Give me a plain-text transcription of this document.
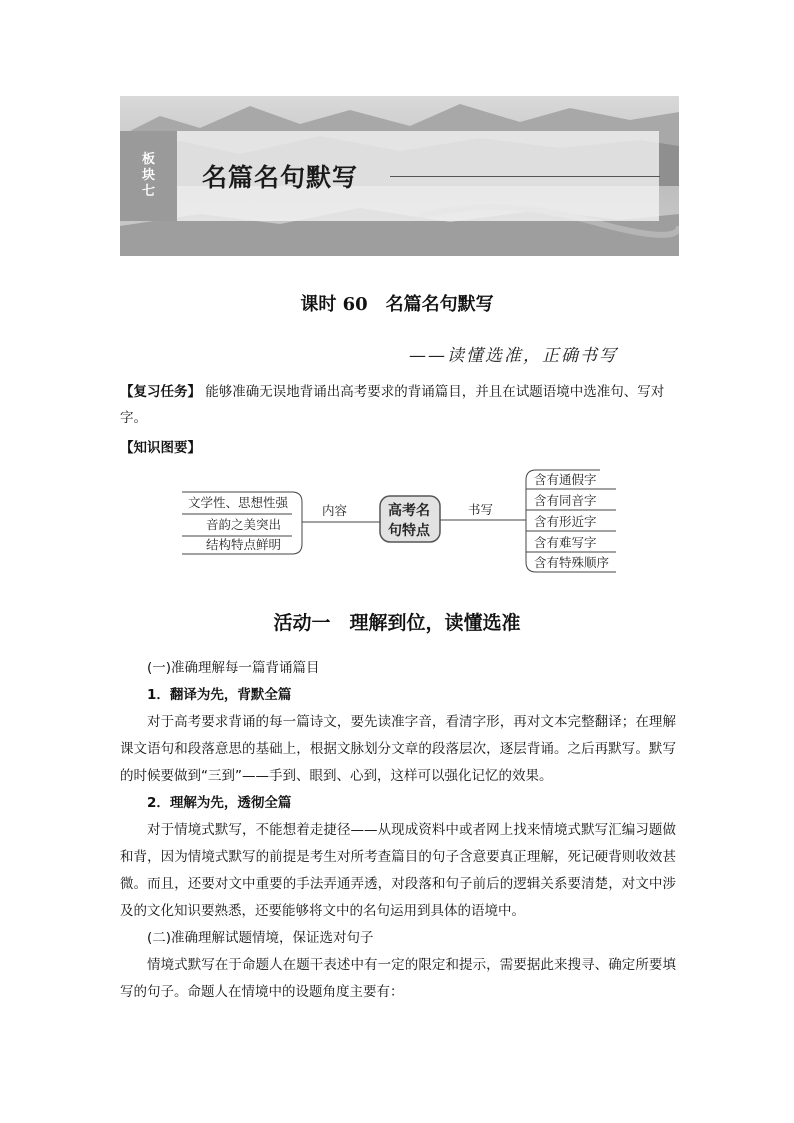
板
块
七 名篇名句默写
课时 60　名篇名句默写
——读懂选准，正确书写
【复习任务】 能够准确无误地背诵出高考要求的背诵篇目，并且在试题语境中选准句、写对字。
【知识图要】
文学性、思想性强
音韵之美突出
结构特点鲜明
内容	高考名
句特点
书写
含有通假字
含有同音字
含有形近字
含有难写字
含有特殊顺序
活动一　理解到位，读懂选准

(一)准确理解每一篇背诵篇目

1．翻译为先，背默全篇

对于高考要求背诵的每一篇诗文，要先读准字音，看清字形，再对文本完整翻译；在理解课文语句和段落意思的基础上，根据文脉划分文章的段落层次，逐层背诵。之后再默写。默写的时候要做到“三到”——手到、眼到、心到，这样可以强化记忆的效果。

2．理解为先，透彻全篇

对于情境式默写，不能想着走捷径——从现成资料中或者网上找来情境式默写汇编习题做和背，因为情境式默写的前提是考生对所考查篇目的句子含意要真正理解，死记硬背则收效甚微。而且，还要对文中重要的手法弄通弄透，对段落和句子前后的逻辑关系要清楚，对文中涉及的文化知识要熟悉，还要能够将文中的名句运用到具体的语境中。

(二)准确理解试题情境，保证选对句子

情境式默写在于命题人在题干表述中有一定的限定和提示，需要据此来搜寻、确定所要填写的句子。命题人在情境中的设题角度主要有：
